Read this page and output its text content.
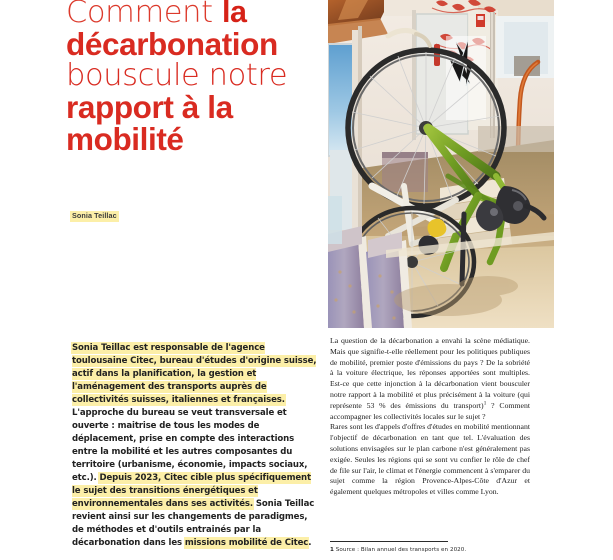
Comment la
décarbonation
bouscule notre
rapport à la
mobilité
Sonia Teillac

Sonia Teillac est responsable de l'agence toulousaine Citec, bureau d'études d'origine suisse, actif dans la planification, la gestion et l'aménagement des transports auprès de collectivités suisses, italiennes et françaises. L'approche du bureau se veut transversale et ouverte : maitrise de tous les modes de déplacement, prise en compte des interactions entre la mobilité et les autres composantes du territoire (urbanisme, économie, impacts sociaux, etc.). Depuis 2023, Citec cible plus spécifiquement le sujet des transitions énergétiques et environnementales dans ses activités. Sonia Teillac revient ainsi sur les changements de paradigmes, de méthodes et d'outils entrainés par la décarbonation dans les missions mobilité de Citec.

La question de la décarbonation a envahi la scène médiatique. Mais que signifie-t-elle réellement pour les politiques publiques de mobilité, premier poste d'émissions du pays ? De la sobriété à la voiture électrique, les réponses apportées sont multiples. Est-ce que cette injonction à la décarbonation vient bousculer notre rapport à la mobilité et plus précisément à la voiture (qui représente 53 % des émissions du transport)$^1$ ? Comment accompagner les collectivités locales sur le sujet ?

Rares sont les d'appels d'offres d'études en mobilité mentionnant l'objectif de décarbonation en tant que tel. L'évaluation des solutions envisagées sur le plan carbone n'est généralement pas exigée. Seules les régions qui se sont vu confier le rôle de chef de file sur l'air, le climat et l'énergie commencent à s'emparer du sujet comme la région Provence-Alpes-Côte d'Azur et également quelques métropoles et villes comme Lyon.

1 Source : Bilan annuel des transports en 2020.
